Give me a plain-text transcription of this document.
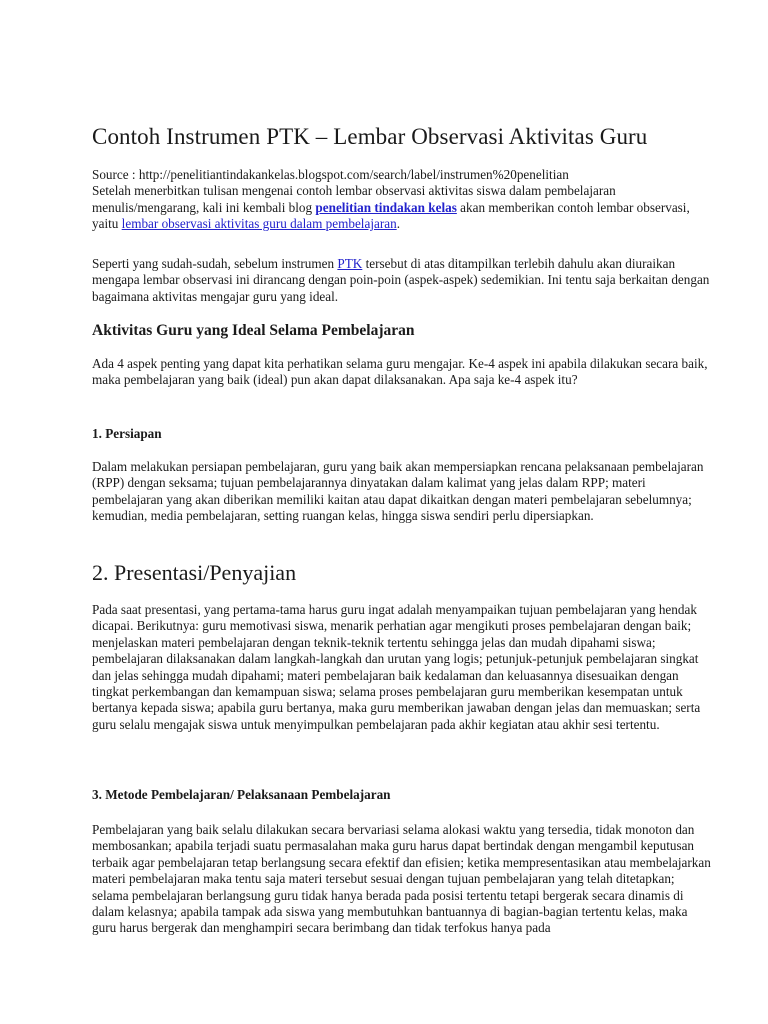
Contoh Instrumen PTK – Lembar Observasi Aktivitas Guru

Source : http://penelitiantindakankelas.blogspot.com/search/label/instrumen%20penelitian
Setelah menerbitkan tulisan mengenai contoh lembar observasi aktivitas siswa dalam pembelajaran menulis/mengarang, kali ini kembali blog penelitian tindakan kelas akan memberikan contoh lembar observasi, yaitu lembar observasi aktivitas guru dalam pembelajaran.

Seperti yang sudah-sudah, sebelum instrumen PTK tersebut di atas ditampilkan terlebih dahulu akan diuraikan mengapa lembar observasi ini dirancang dengan poin-poin (aspek-aspek) sedemikian. Ini tentu saja berkaitan dengan bagaimana aktivitas mengajar guru yang ideal.

Aktivitas Guru yang Ideal Selama Pembelajaran

Ada 4 aspek penting yang dapat kita perhatikan selama guru mengajar. Ke-4 aspek ini apabila dilakukan secara baik, maka pembelajaran yang baik (ideal) pun akan dapat dilaksanakan. Apa saja ke-4 aspek itu?

1. Persiapan

Dalam melakukan persiapan pembelajaran, guru yang baik akan mempersiapkan rencana pelaksanaan pembelajaran (RPP) dengan seksama; tujuan pembelajarannya dinyatakan dalam kalimat yang jelas dalam RPP; materi pembelajaran yang akan diberikan memiliki kaitan atau dapat dikaitkan dengan materi pembelajaran sebelumnya; kemudian, media pembelajaran, setting ruangan kelas, hingga siswa sendiri perlu dipersiapkan.

2. Presentasi/Penyajian

Pada saat presentasi, yang pertama-tama harus guru ingat adalah menyampaikan tujuan pembelajaran yang hendak dicapai. Berikutnya: guru memotivasi siswa, menarik perhatian agar mengikuti proses pembelajaran dengan baik; menjelaskan materi pembelajaran dengan teknik-teknik tertentu sehingga jelas dan mudah dipahami siswa; pembelajaran dilaksanakan dalam langkah-langkah dan urutan yang logis; petunjuk-petunjuk pembelajaran singkat dan jelas sehingga mudah dipahami; materi pembelajaran baik kedalaman dan keluasannya disesuaikan dengan tingkat perkembangan dan kemampuan siswa; selama proses pembelajaran guru memberikan kesempatan untuk bertanya kepada siswa; apabila guru bertanya, maka guru memberikan jawaban dengan jelas dan memuaskan; serta guru selalu mengajak siswa untuk menyimpulkan pembelajaran pada akhir kegiatan atau akhir sesi tertentu.

3. Metode Pembelajaran/ Pelaksanaan Pembelajaran

Pembelajaran yang baik selalu dilakukan secara bervariasi selama alokasi waktu yang tersedia, tidak monoton dan membosankan; apabila terjadi suatu permasalahan maka guru harus dapat bertindak dengan mengambil keputusan terbaik agar pembelajaran tetap berlangsung secara efektif dan efisien; ketika mempresentasikan atau membelajarkan materi pembelajaran maka tentu saja materi tersebut sesuai dengan tujuan pembelajaran yang telah ditetapkan; selama pembelajaran berlangsung guru tidak hanya berada pada posisi tertentu tetapi bergerak secara dinamis di dalam kelasnya; apabila tampak ada siswa yang membutuhkan bantuannya di bagian-bagian tertentu kelas, maka guru harus bergerak dan menghampiri secara berimbang dan tidak terfokus hanya pada
